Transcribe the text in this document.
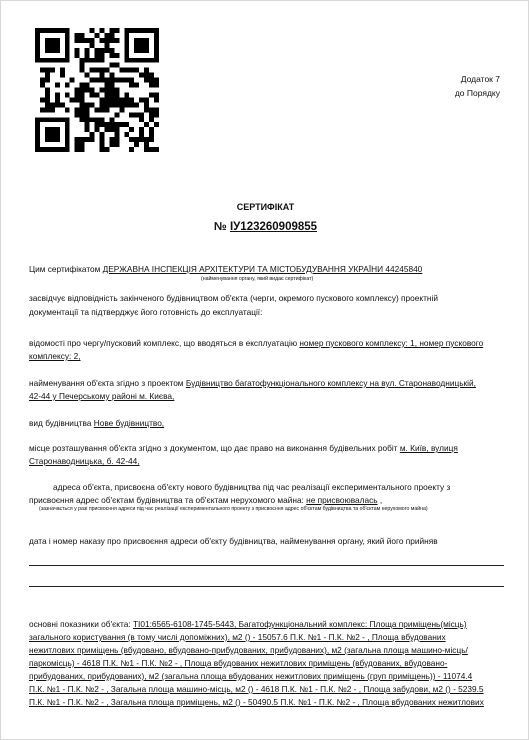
Додаток 7
до Порядку
СЕРТИФІКАТ
№ ІУ123260909855
Цим сертифікатом ДЕРЖАВНА ІНСПЕКЦІЯ АРХІТЕКТУРИ ТА МІСТОБУДУВАННЯ УКРАЇНИ 44245840
(найменування органу, який видає сертифікат)
засвідчує відповідність закінченого будівництвом об'єкта (черги, окремого пускового комплексу) проектній
документації та підтверджує його готовність до експлуатації:
відомості про чергу/пусковий комплекс, що вводяться в експлуатацію номер пускового комплексу: 1, номер пускового
комплексу: 2,
найменування об'єкта згідно з проектом Будівництво багатофункціонального комплексу на вул. Старонаводницькій,
42-44 у Печерському районі м. Києва,
вид будівництва Нове будівництво,
місце розташування об'єкта згідно з документом, що дає право на виконання будівельних робіт м. Київ, вулиця
Старонаводницька, б. 42-44,
адреса об'єкта, присвоєна об'єкту нового будівництва під час реалізації експериментального проекту з
присвоєння адрес об'єктам будівництва та об'єктам нерухомого майна: не присвоювалась ,
(зазначається у разі присвоєння адреси під час реалізації експериментального проекту з присвоєння адрес об'єктам будівництва та об'єктам нерухомого майна)
дата і номер наказу про присвоєння адреси об'єкту будівництва, найменування органу, який його прийняв
основні показники об'єкта: ТІ01:6565-6108-1745-5443, Багатофункціональний комплекс: Площа приміщень(місць)
загального користування (в тому числі допоміжних), м2 () - 15057.6 П.К. №1 - П.К. №2 - , Площа вбудованих
нежитлових приміщень (вбудовано, вбудовано-прибудованих, прибудованих), м2 (загальна площа машино-місць/
паркомісць) - 4618 П.К. №1 - П.К. №2 - , Площа вбудованих нежитлових приміщень (вбудованих, вбудовано-
прибудованих, прибудованих), м2 (загальна площа вбудованих нежитлових приміщень (груп приміщень)) - 11074.4
П.К. №1 - П.К. №2 - , Загальна площа машино-місць, м2 () - 4618 П.К. №1 - П.К. №2 - , Площа забудови, м2 () - 5239.5
П.К. №1 - П.К. №2 - , Загальна площа приміщень, м2 () - 50490.5 П.К. №1 - П.К. №2 - , Площа вбудованих нежитлових
